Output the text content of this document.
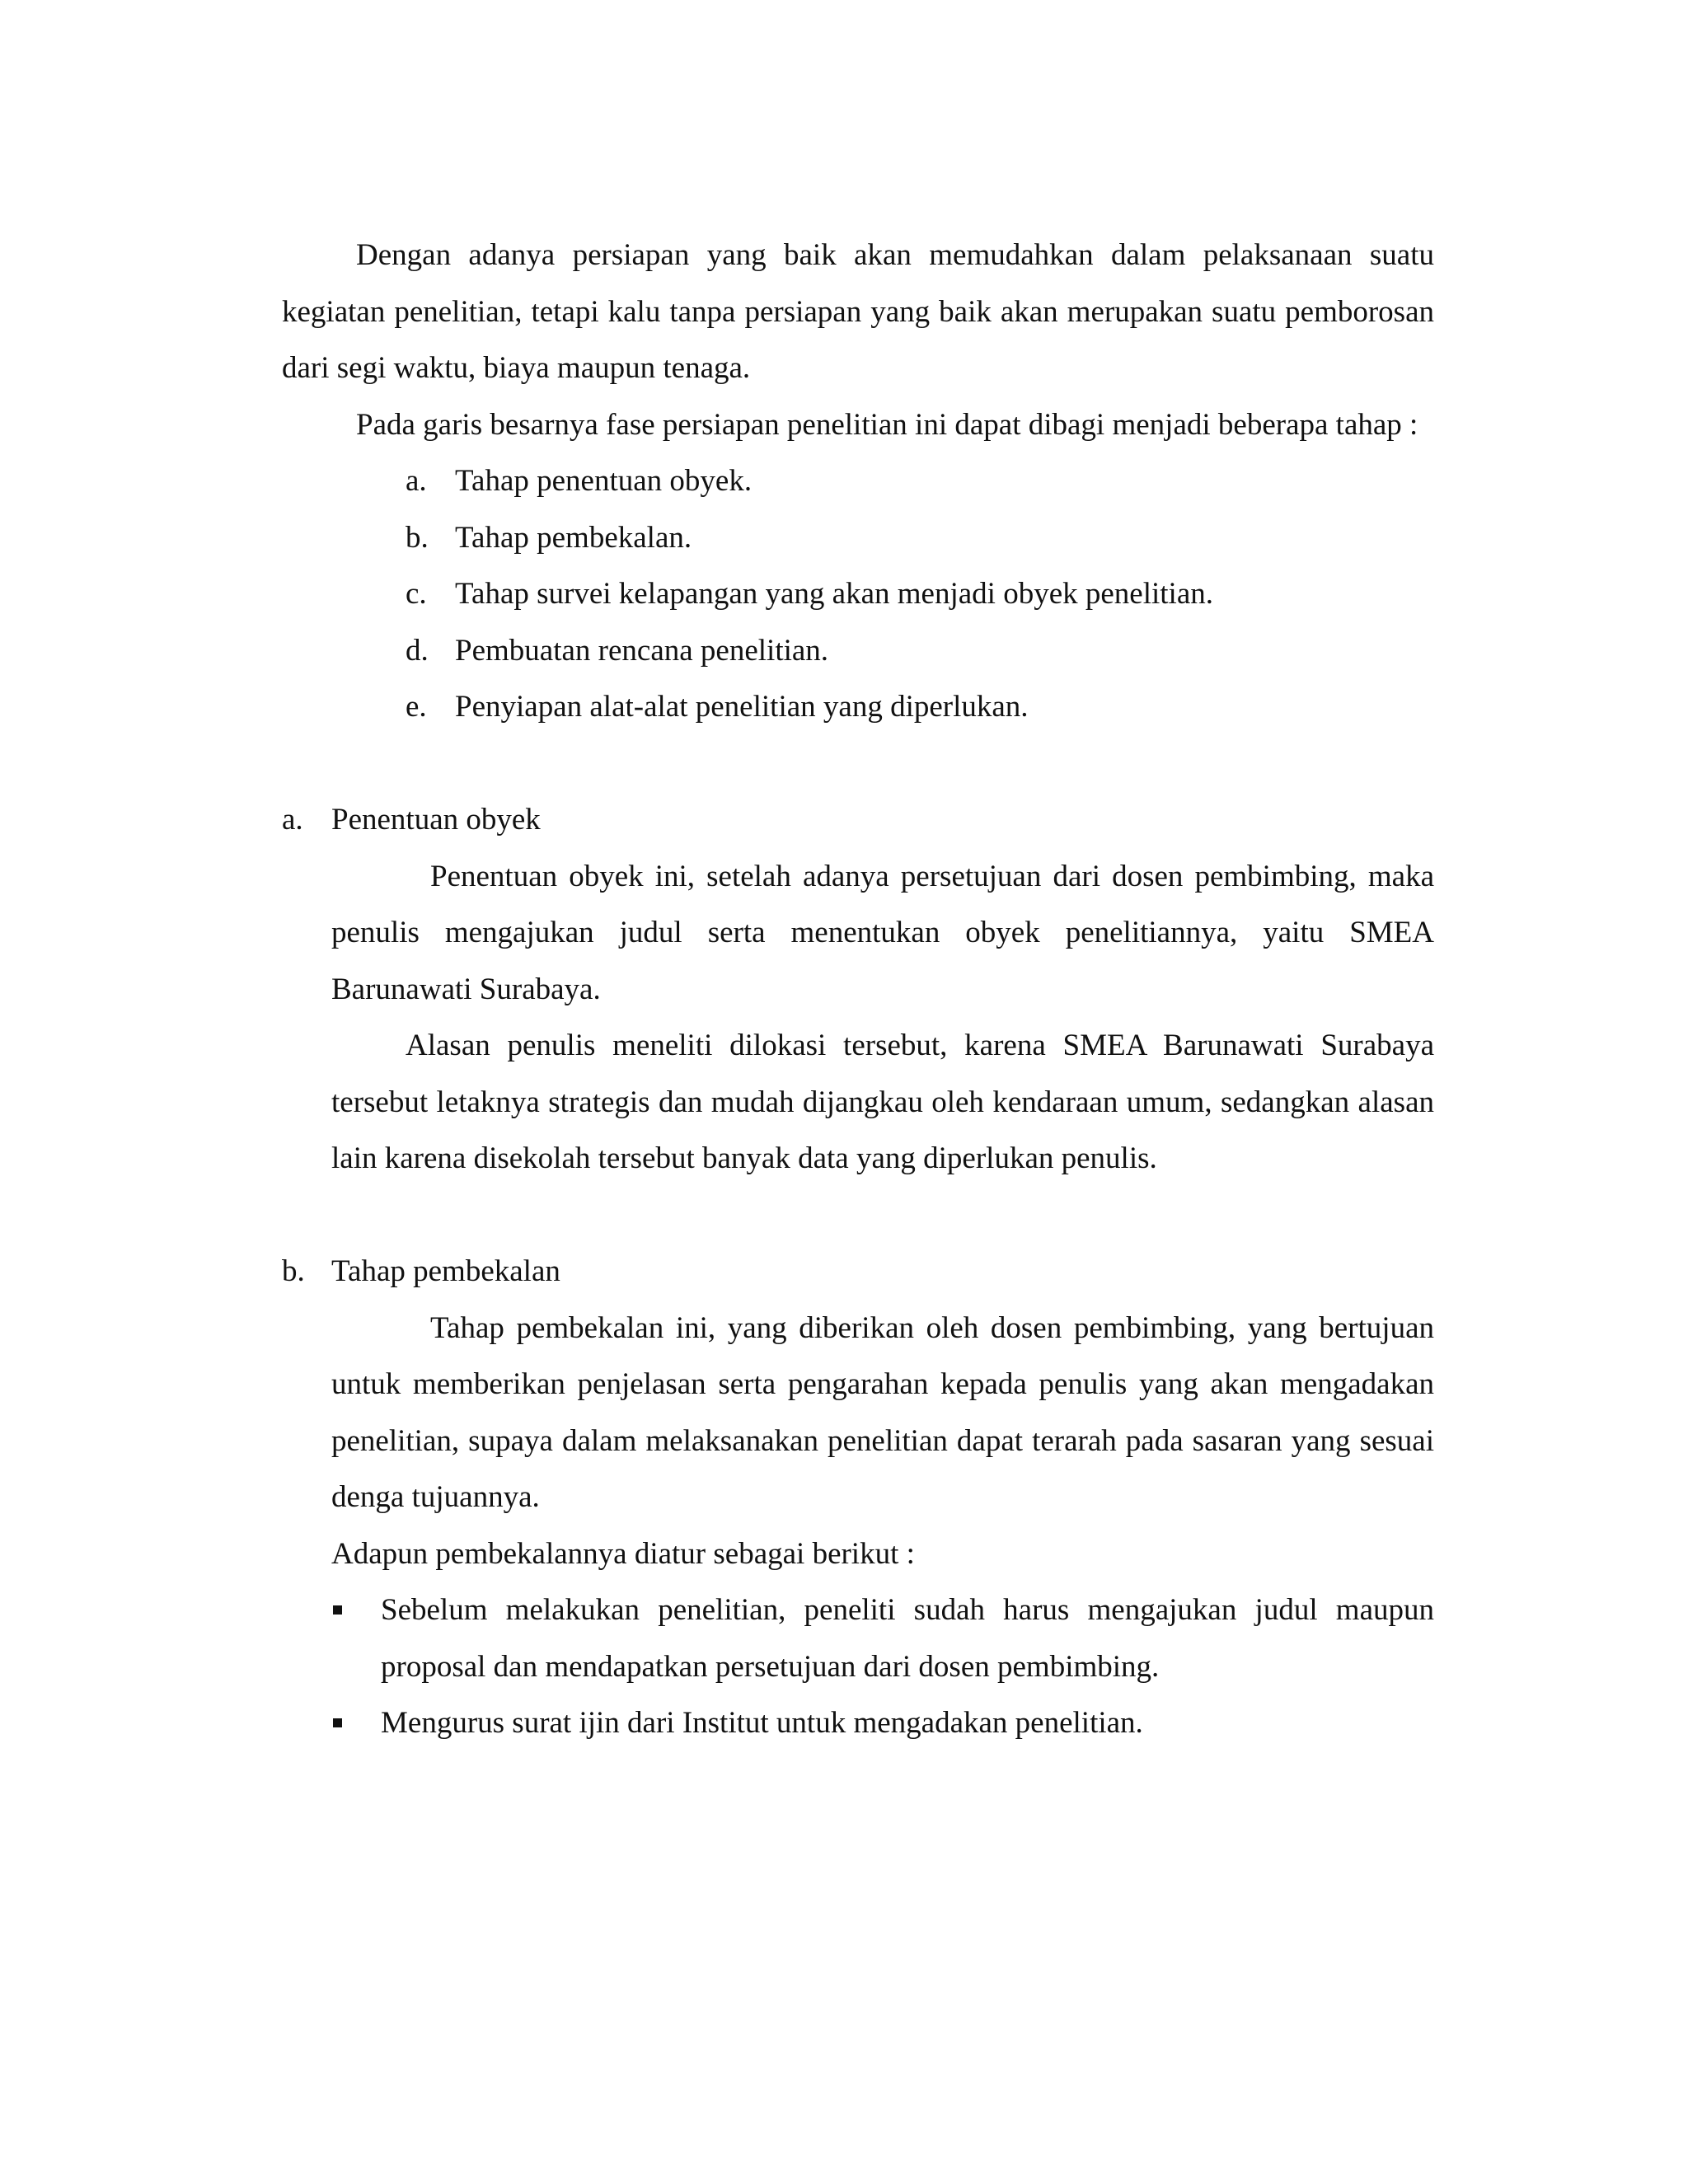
Dengan adanya persiapan yang baik akan memudahkan dalam pelaksanaan suatu kegiatan penelitian, tetapi kalu tanpa persiapan yang baik akan merupakan suatu pemborosan dari segi waktu, biaya maupun tenaga.

Pada garis besarnya fase persiapan penelitian ini dapat dibagi menjadi beberapa tahap :

a. Tahap penentuan obyek.
b. Tahap pembekalan.
c. Tahap survei kelapangan yang akan menjadi obyek penelitian.
d. Pembuatan rencana penelitian.
e. Penyiapan alat-alat penelitian yang diperlukan.
a. Penentuan obyek

Penentuan obyek ini, setelah adanya persetujuan dari dosen pembimbing, maka penulis mengajukan judul serta menentukan obyek penelitiannya, yaitu SMEA Barunawati Surabaya.

Alasan penulis meneliti dilokasi tersebut, karena SMEA Barunawati Surabaya tersebut letaknya strategis dan mudah dijangkau oleh kendaraan umum, sedangkan alasan lain karena disekolah tersebut banyak data yang diperlukan penulis.

b. Tahap pembekalan

Tahap pembekalan ini, yang diberikan oleh dosen pembimbing, yang bertujuan untuk memberikan penjelasan serta pengarahan kepada penulis yang akan mengadakan penelitian, supaya dalam melaksanakan penelitian dapat terarah pada sasaran yang sesuai denga tujuannya.

Adapun pembekalannya diatur sebagai berikut :

Sebelum melakukan penelitian, peneliti sudah harus mengajukan judul maupun proposal dan mendapatkan persetujuan dari dosen pembimbing.
Mengurus surat ijin dari Institut untuk mengadakan penelitian.
